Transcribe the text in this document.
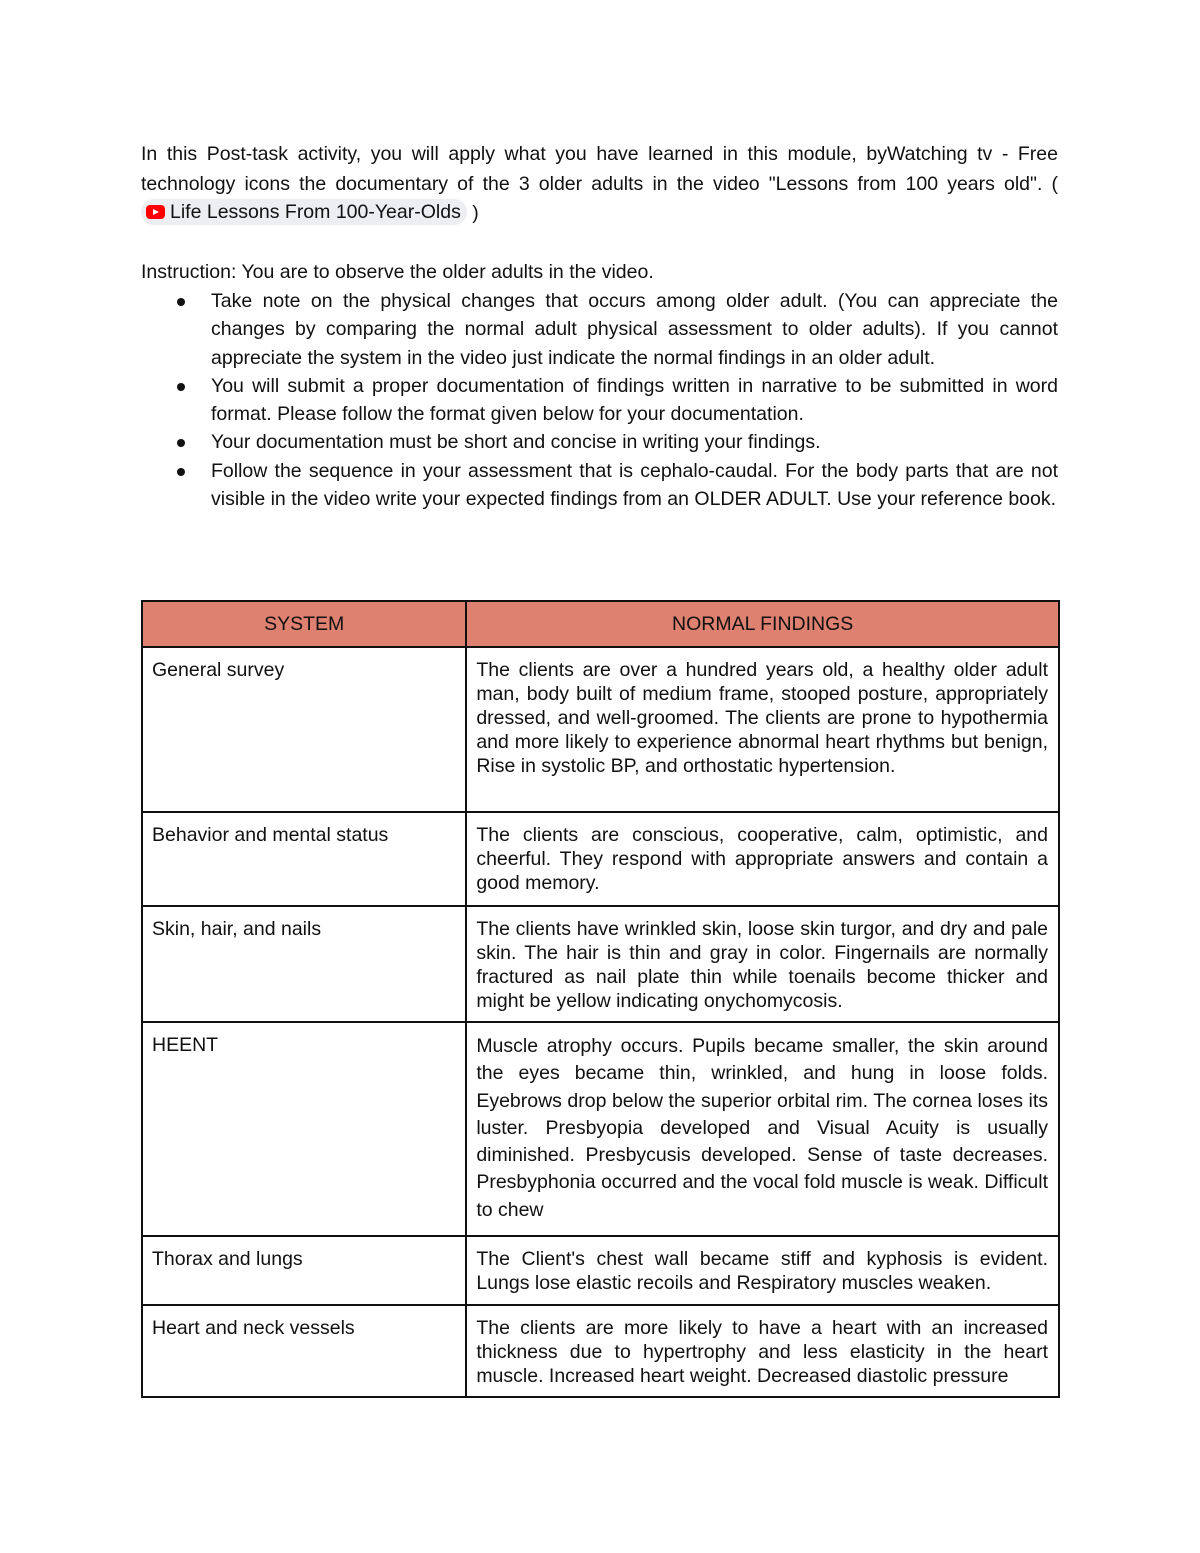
In this Post-task activity, you will apply what you have learned in this module, byWatching tv - Free technology icons the documentary of the 3 older adults in the video "Lessons from 100 years old". (
Life Lessons From 100-Year-Olds )

Instruction: You are to observe the older adults in the video.

Take note on the physical changes that occurs among older adult. (You can appreciate the changes by comparing the normal adult physical assessment to older adults). If you cannot appreciate the system in the video just indicate the normal findings in an older adult.
You will submit a proper documentation of findings written in narrative to be submitted in word format. Please follow the format given below for your documentation.
Your documentation must be short and concise in writing your findings.
Follow the sequence in your assessment that is cephalo-caudal. For the body parts that are not visible in the video write your expected findings from an OLDER ADULT. Use your reference book.
SYSTEM	NORMAL FINDINGS
General survey	The clients are over a hundred years old, a healthy older adult man, body built of medium frame, stooped posture, appropriately dressed, and well-groomed. The clients are prone to hypothermia and more likely to experience abnormal heart rhythms but benign, Rise in systolic BP, and orthostatic hypertension.
Behavior and mental status	The clients are conscious, cooperative, calm, optimistic, and cheerful. They respond with appropriate answers and contain a good memory.
Skin, hair, and nails	The clients have wrinkled skin, loose skin turgor, and dry and pale skin. The hair is thin and gray in color. Fingernails are normally fractured as nail plate thin while toenails become thicker and might be yellow indicating onychomycosis.
HEENT	Muscle atrophy occurs. Pupils became smaller, the skin around the eyes became thin, wrinkled, and hung in loose folds. Eyebrows drop below the superior orbital rim. The cornea loses its luster. Presbyopia developed and Visual Acuity is usually diminished. Presbycusis developed. Sense of taste decreases. Presbyphonia occurred and the vocal fold muscle is weak. Difficult to chew
Thorax and lungs	The Client's chest wall became stiff and kyphosis is evident. Lungs lose elastic recoils and Respiratory muscles weaken.
Heart and neck vessels	The clients are more likely to have a heart with an increased thickness due to hypertrophy and less elasticity in the heart muscle. Increased heart weight. Decreased diastolic pressure
